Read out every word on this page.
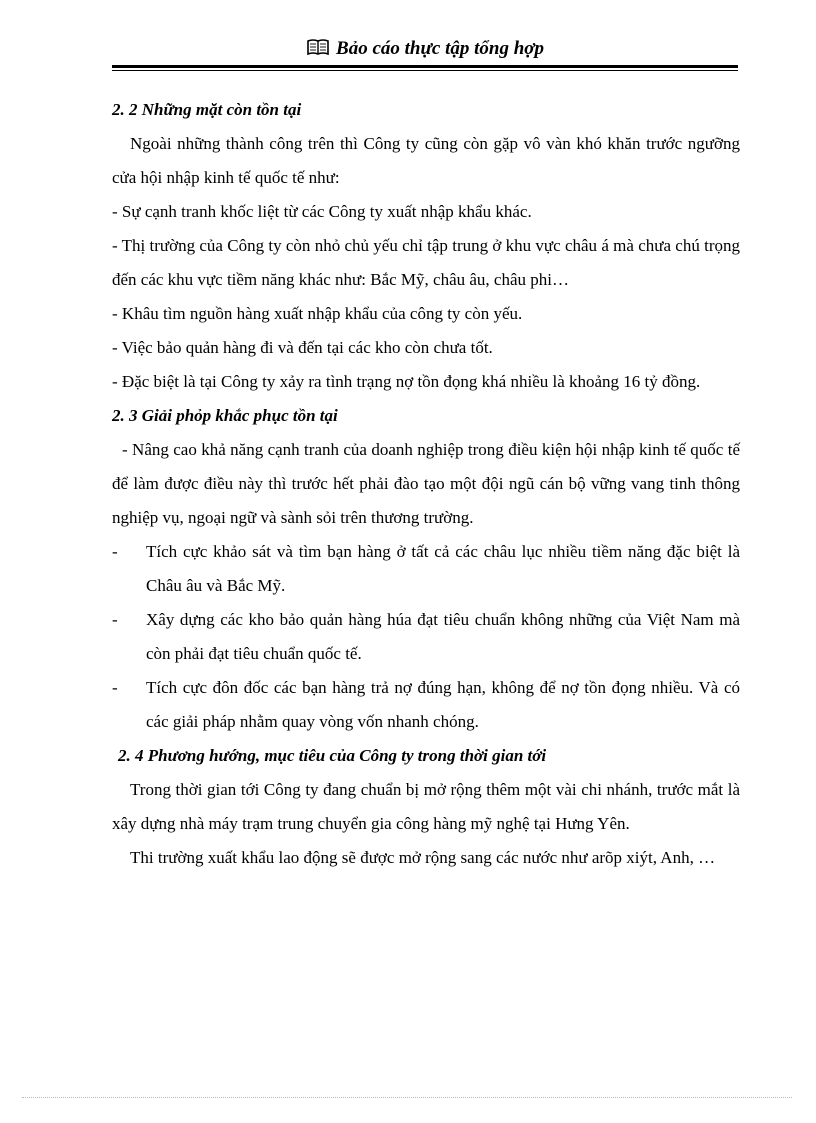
Bảo cáo thực tập tổng hợp

2. 2 Những mặt còn tồn tại

Ngoài những thành công trên thì Công ty cũng còn gặp vô vàn khó khăn trước ngưỡng cửa hội nhập kinh tế quốc tế như:

- Sự cạnh tranh khốc liệt từ các Công ty xuất nhập khẩu khác.

- Thị trường của Công ty còn nhỏ chủ yếu chỉ tập trung ở khu vực châu á mà chưa chú trọng đến các khu vực tiềm năng khác như: Bắc Mỹ, châu âu, châu phi…

- Khâu tìm nguồn hàng xuất nhập khẩu của công ty còn yếu.

- Việc bảo quản hàng đi và đến tại các kho còn chưa tốt.

- Đặc biệt là tại Công ty xảy ra tình trạng nợ tồn đọng khá nhiều là khoảng 16 tỷ đồng.

2. 3 Giải phỏp khắc phục tồn tại

- Nâng cao khả năng cạnh tranh của doanh nghiệp trong điều kiện hội nhập kinh tế quốc tế để làm được điều này thì trước hết phải đào tạo một đội ngũ cán bộ vững vang tinh thông nghiệp vụ, ngoại ngữ và sành sỏi trên thương trường.

- Tích cực khảo sát và tìm bạn hàng ở tất cả các châu lục nhiều tiềm năng đặc biệt là Châu âu và Bắc Mỹ.

- Xây dựng các kho bảo quản hàng húa đạt tiêu chuẩn không những của Việt Nam mà còn phải đạt tiêu chuẩn quốc tế.

- Tích cực đôn đốc các bạn hàng trả nợ đúng hạn, không để nợ tồn đọng nhiều. Và có các giải pháp nhằm quay vòng vốn nhanh chóng.

2. 4 Phương hướng, mục tiêu của Công ty trong thời gian tới

Trong thời gian tới Công ty đang chuẩn bị mở rộng thêm một vài chi nhánh, trước mắt là xây dựng nhà máy trạm trung chuyển gia công hàng mỹ nghệ tại Hưng Yên.

Thi trường xuất khẩu lao động sẽ được mở rộng sang các nước như arõp xiýt, Anh, …
